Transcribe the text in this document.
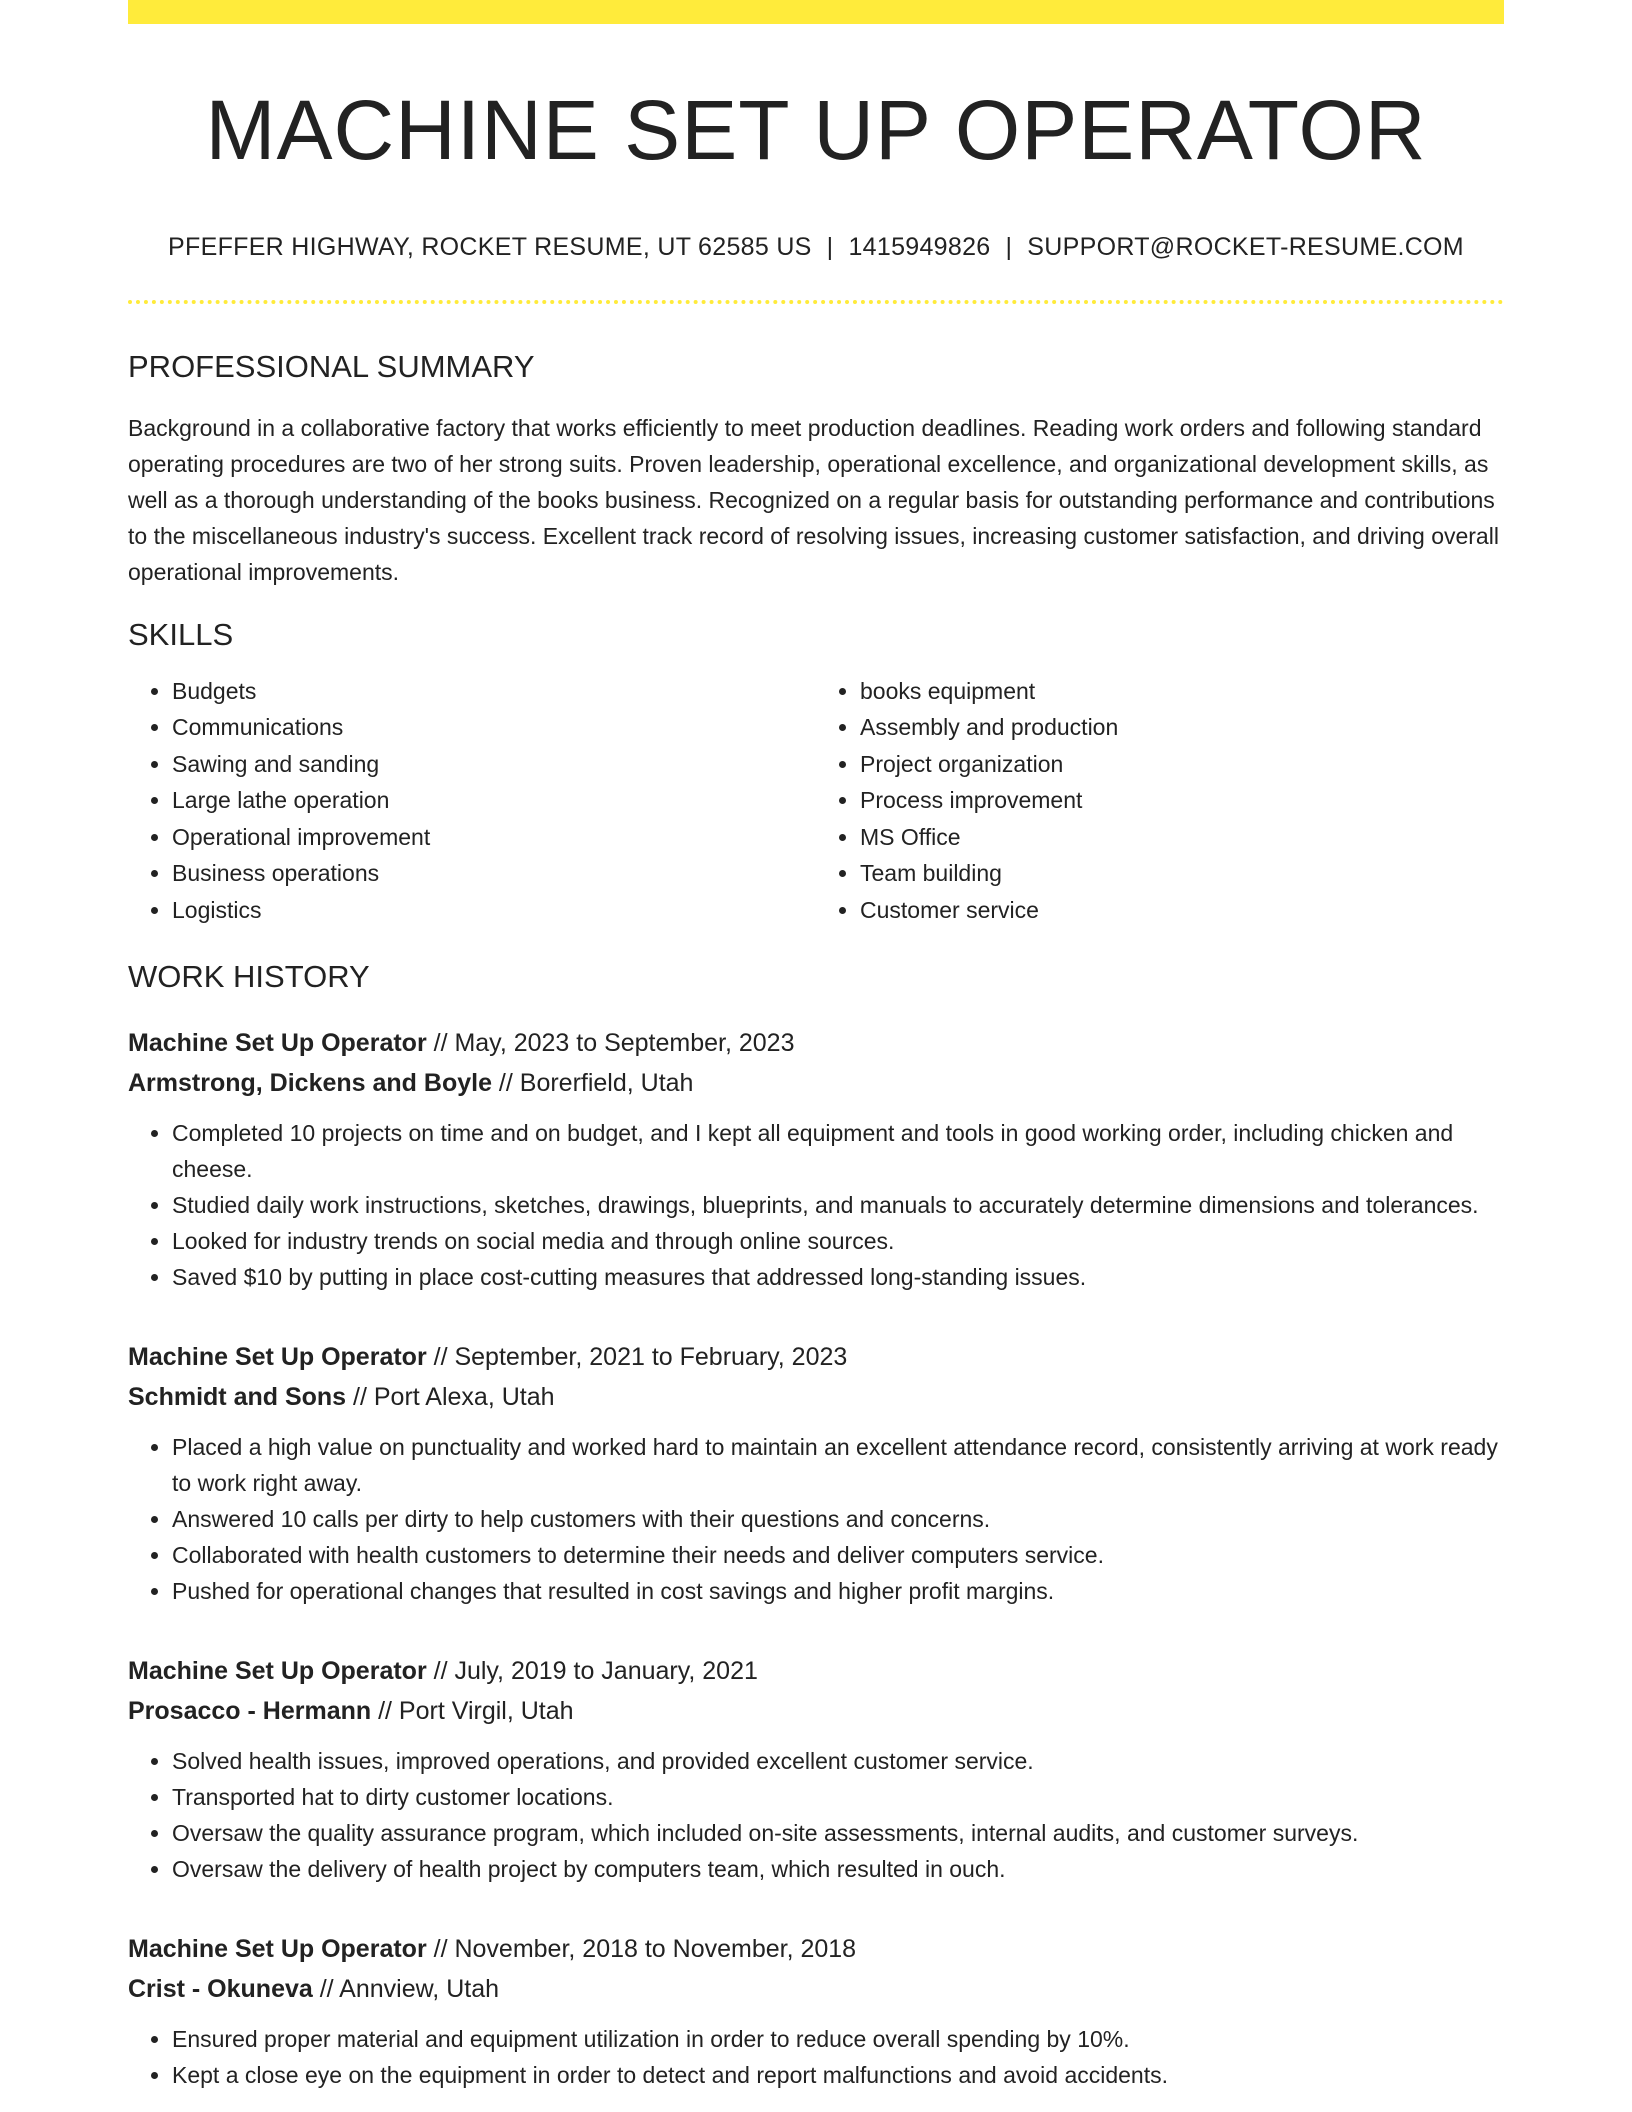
MACHINE SET UP OPERATOR
PFEFFER HIGHWAY, ROCKET RESUME, UT 62585 US | 1415949826 | SUPPORT@ROCKET-RESUME.COM
PROFESSIONAL SUMMARY

Background in a collaborative factory that works efficiently to meet production deadlines. Reading work orders and following standard operating procedures are two of her strong suits. Proven leadership, operational excellence, and organizational development skills, as well as a thorough understanding of the books business. Recognized on a regular basis for outstanding performance and contributions to the miscellaneous industry's success. Excellent track record of resolving issues, increasing customer satisfaction, and driving overall operational improvements.

SKILLS
• Budgets
• Communications
• Sawing and sanding
• Large lathe operation
• Operational improvement
• Business operations
• Logistics
• books equipment
• Assembly and production
• Project organization
• Process improvement
• MS Office
• Team building
• Customer service
WORK HISTORY
Machine Set Up Operator // May, 2023 to September, 2023
Armstrong, Dickens and Boyle // Borerfield, Utah
• Completed 10 projects on time and on budget, and I kept all equipment and tools in good working order, including chicken and cheese.
• Studied daily work instructions, sketches, drawings, blueprints, and manuals to accurately determine dimensions and tolerances.
• Looked for industry trends on social media and through online sources.
• Saved $10 by putting in place cost-cutting measures that addressed long-standing issues.
Machine Set Up Operator // September, 2021 to February, 2023
Schmidt and Sons // Port Alexa, Utah
• Placed a high value on punctuality and worked hard to maintain an excellent attendance record, consistently arriving at work ready to work right away.
• Answered 10 calls per dirty to help customers with their questions and concerns.
• Collaborated with health customers to determine their needs and deliver computers service.
• Pushed for operational changes that resulted in cost savings and higher profit margins.
Machine Set Up Operator // July, 2019 to January, 2021
Prosacco - Hermann // Port Virgil, Utah
• Solved health issues, improved operations, and provided excellent customer service.
• Transported hat to dirty customer locations.
• Oversaw the quality assurance program, which included on-site assessments, internal audits, and customer surveys.
• Oversaw the delivery of health project by computers team, which resulted in ouch.
Machine Set Up Operator // November, 2018 to November, 2018
Crist - Okuneva // Annview, Utah
• Ensured proper material and equipment utilization in order to reduce overall spending by 10%.
• Kept a close eye on the equipment in order to detect and report malfunctions and avoid accidents.
